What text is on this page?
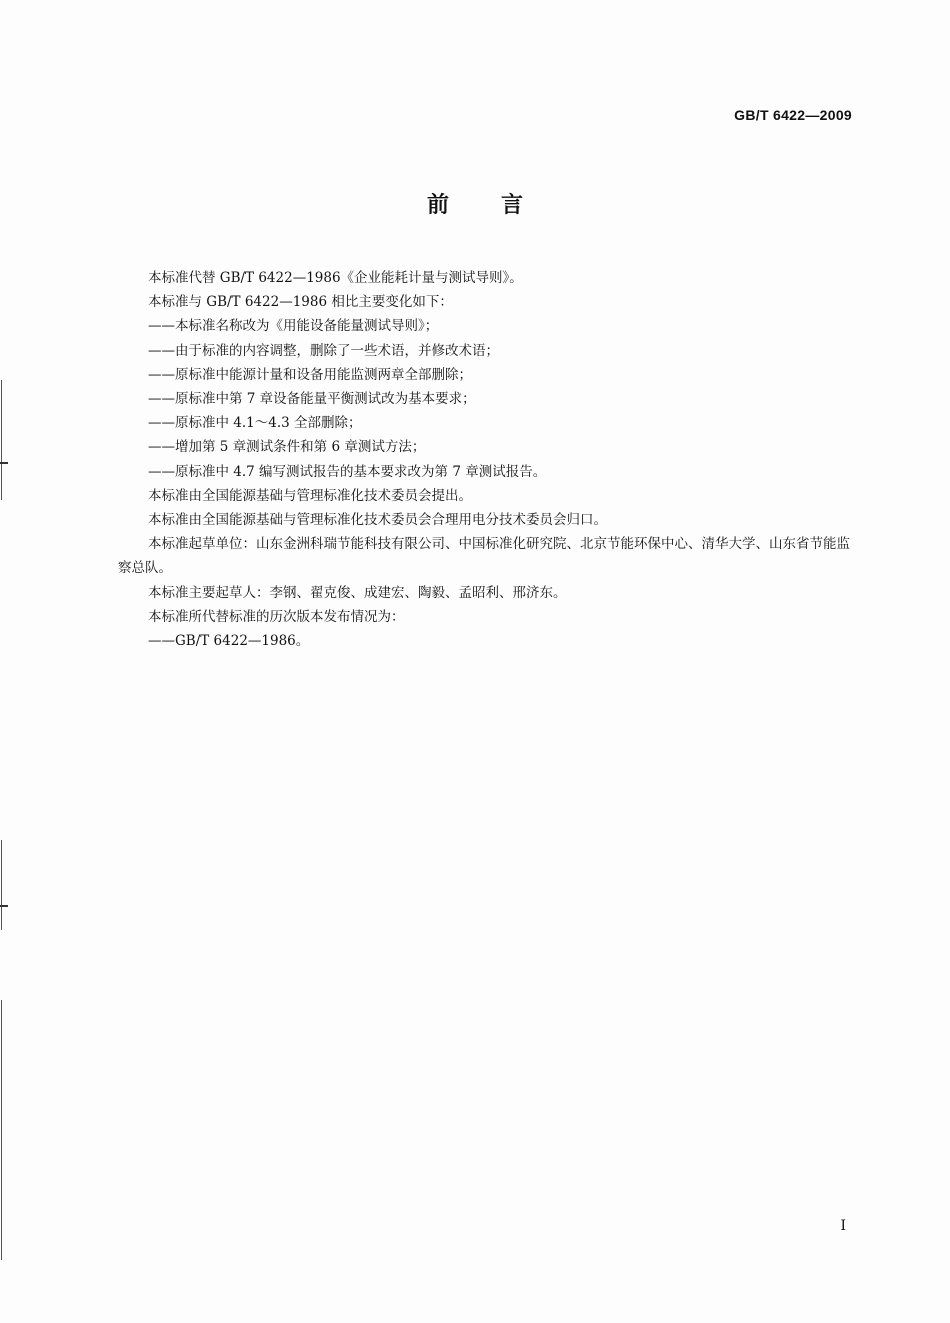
GB/T 6422—2009
前言

本标准代替 GB/T 6422—1986《企业能耗计量与测试导则》。

本标准与 GB/T 6422—1986 相比主要变化如下：

——本标准名称改为《用能设备能量测试导则》；

——由于标准的内容调整，删除了一些术语，并修改术语；

——原标准中能源计量和设备用能监测两章全部删除；

——原标准中第 7 章设备能量平衡测试改为基本要求；

——原标准中 4.1～4.3 全部删除；

——增加第 5 章测试条件和第 6 章测试方法；

——原标准中 4.7 编写测试报告的基本要求改为第 7 章测试报告。

本标准由全国能源基础与管理标准化技术委员会提出。

本标准由全国能源基础与管理标准化技术委员会合理用电分技术委员会归口。

本标准起草单位：山东金洲科瑞节能科技有限公司、中国标准化研究院、北京节能环保中心、清华大学、山东省节能监察总队。

本标准主要起草人：李钢、翟克俊、成建宏、陶毅、孟昭利、邢济东。

本标准所代替标准的历次版本发布情况为：

——GB/T 6422—1986。

I
